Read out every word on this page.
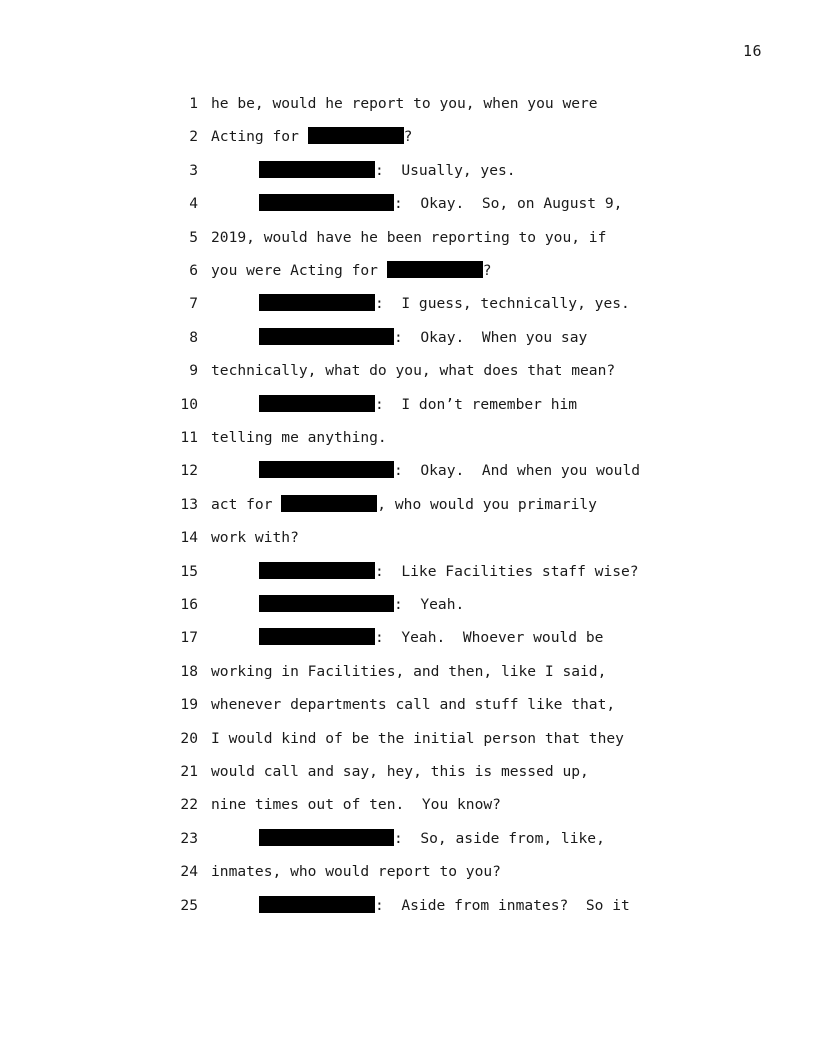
16
1 he be, would he report to you, when you were
2 Acting for	?
3	:  Usually, yes.
4	:  Okay.  So, on August 9,
5 2019, would have he been reporting to you, if
6 you were Acting for	?
7	:  I guess, technically, yes.
8	:  Okay.  When you say
9 technically, what do you, what does that mean?
10	:  I don’t remember him
11 telling me anything.
12	:  Okay.  And when you would
13 act for	, who would you primarily
14 work with?
15	:  Like Facilities staff wise?
16	:  Yeah.
17	:  Yeah.  Whoever would be
18 working in Facilities, and then, like I said,
19 whenever departments call and stuff like that,
20 I would kind of be the initial person that they
21 would call and say, hey, this is messed up,
22 nine times out of ten.  You know?
23	:  So, aside from, like,
24 inmates, who would report to you?
25	:  Aside from inmates?  So it
